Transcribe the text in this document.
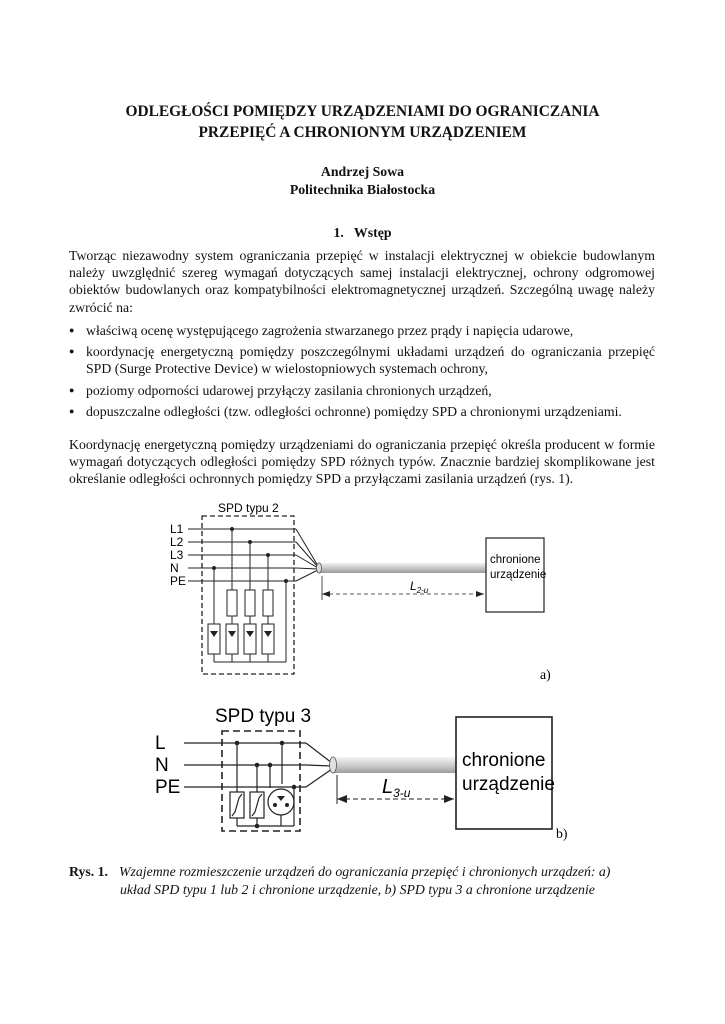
ODLEGŁOŚCI POMIĘDZY URZĄDZENIAMI DO OGRANICZANIA
PRZEPIĘĆ A CHRONIONYM URZĄDZENIEM
Andrzej Sowa
Politechnika Białostocka
1.   Wstęp
Tworząc niezawodny system ograniczania przepięć w instalacji elektrycznej w obiekcie budowlanym należy uwzględnić szereg wymagań dotyczących samej instalacji elektrycznej, ochrony odgromowej obiektów budowlanych oraz kompatybilności elektromagnetycznej urządzeń. Szczególną uwagę należy zwrócić na:
● właściwą ocenę występującego zagrożenia stwarzanego przez prądy i napięcia udarowe,
● koordynację energetyczną pomiędzy poszczególnymi układami urządzeń do ograniczania przepięć SPD (Surge Protective Device) w wielostopniowych systemach ochrony,
● poziomy odporności udarowej przyłączy zasilania chronionych urządzeń,
● dopuszczalne odległości (tzw. odległości ochronne) pomiędzy SPD a chronionymi urządzeniami.
Koordynację energetyczną pomiędzy urządzeniami do ograniczania przepięć określa producent w formie wymagań dotyczących odległości pomiędzy SPD różnych typów. Znacznie bardziej skomplikowane jest określanie odległości ochronnych pomiędzy SPD a przyłączami zasilania urządzeń (rys. 1).
SPD typu 2
L1
L2
L3
N
PE
chronione
urządzenie
$L_{2-u}$
a)
SPD typu 3
L
N
PE
chronione
urządzenie
$L_{3-u}$
b)
Rys. 1. Wzajemne rozmieszczenie urządzeń do ograniczania przepięć i chronionych urządzeń: a)
układ SPD typu 1 lub 2 i chronione urządzenie, b) SPD typu 3 a chronione urządzenie
